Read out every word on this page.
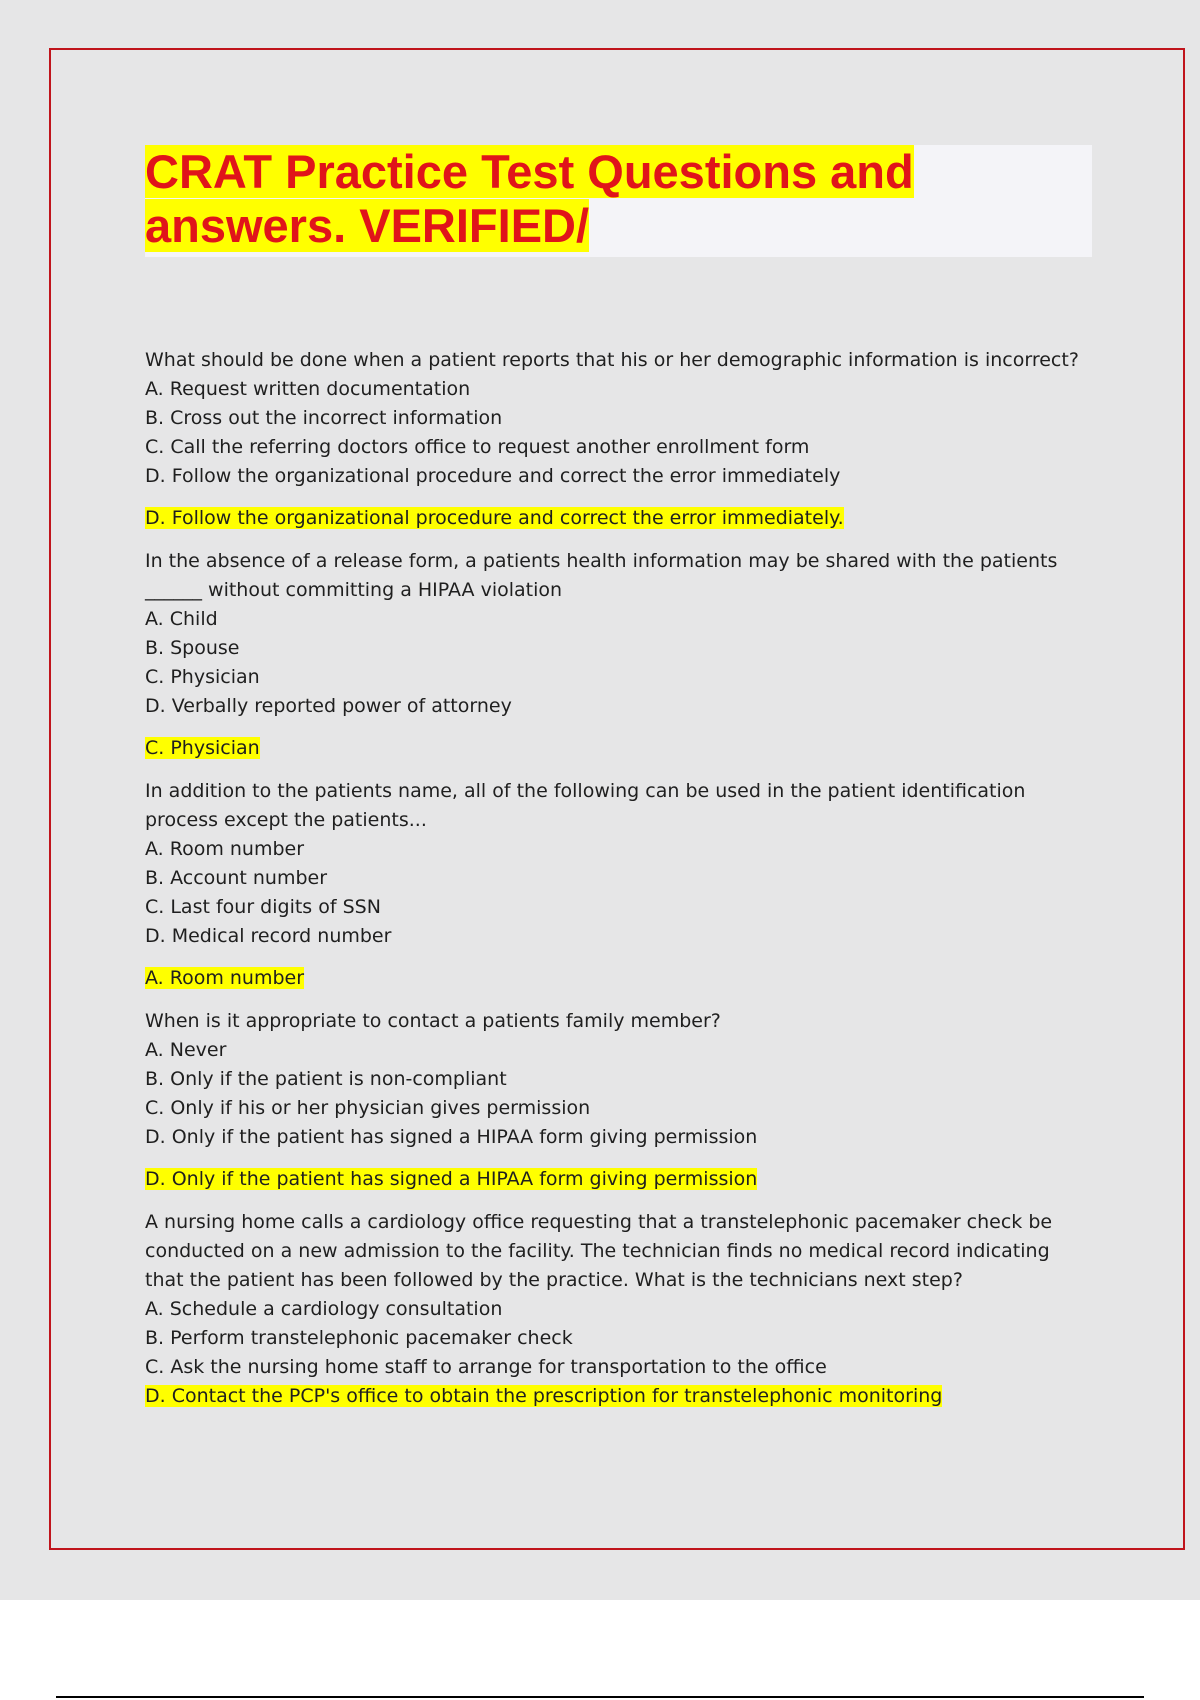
CRAT Practice Test Questions and
answers. VERIFIED/

What should be done when a patient reports that his or her demographic information is incorrect?

A. Request written documentation

B. Cross out the incorrect information

C. Call the referring doctors office to request another enrollment form

D. Follow the organizational procedure and correct the error immediately

D. Follow the organizational procedure and correct the error immediately.

In the absence of a release form, a patients health information may be shared with the patients ______ without committing a HIPAA violation

A. Child

B. Spouse

C. Physician

D. Verbally reported power of attorney

C. Physician

In addition to the patients name, all of the following can be used in the patient identification process except the patients...

A. Room number

B. Account number

C. Last four digits of SSN

D. Medical record number

A. Room number

When is it appropriate to contact a patients family member?

A. Never

B. Only if the patient is non-compliant

C. Only if his or her physician gives permission

D. Only if the patient has signed a HIPAA form giving permission

D. Only if the patient has signed a HIPAA form giving permission

A nursing home calls a cardiology office requesting that a transtelephonic pacemaker check be conducted on a new admission to the facility. The technician finds no medical record indicating that the patient has been followed by the practice. What is the technicians next step?

A. Schedule a cardiology consultation

B. Perform transtelephonic pacemaker check

C. Ask the nursing home staff to arrange for transportation to the office

D. Contact the PCP's office to obtain the prescription for transtelephonic monitoring
